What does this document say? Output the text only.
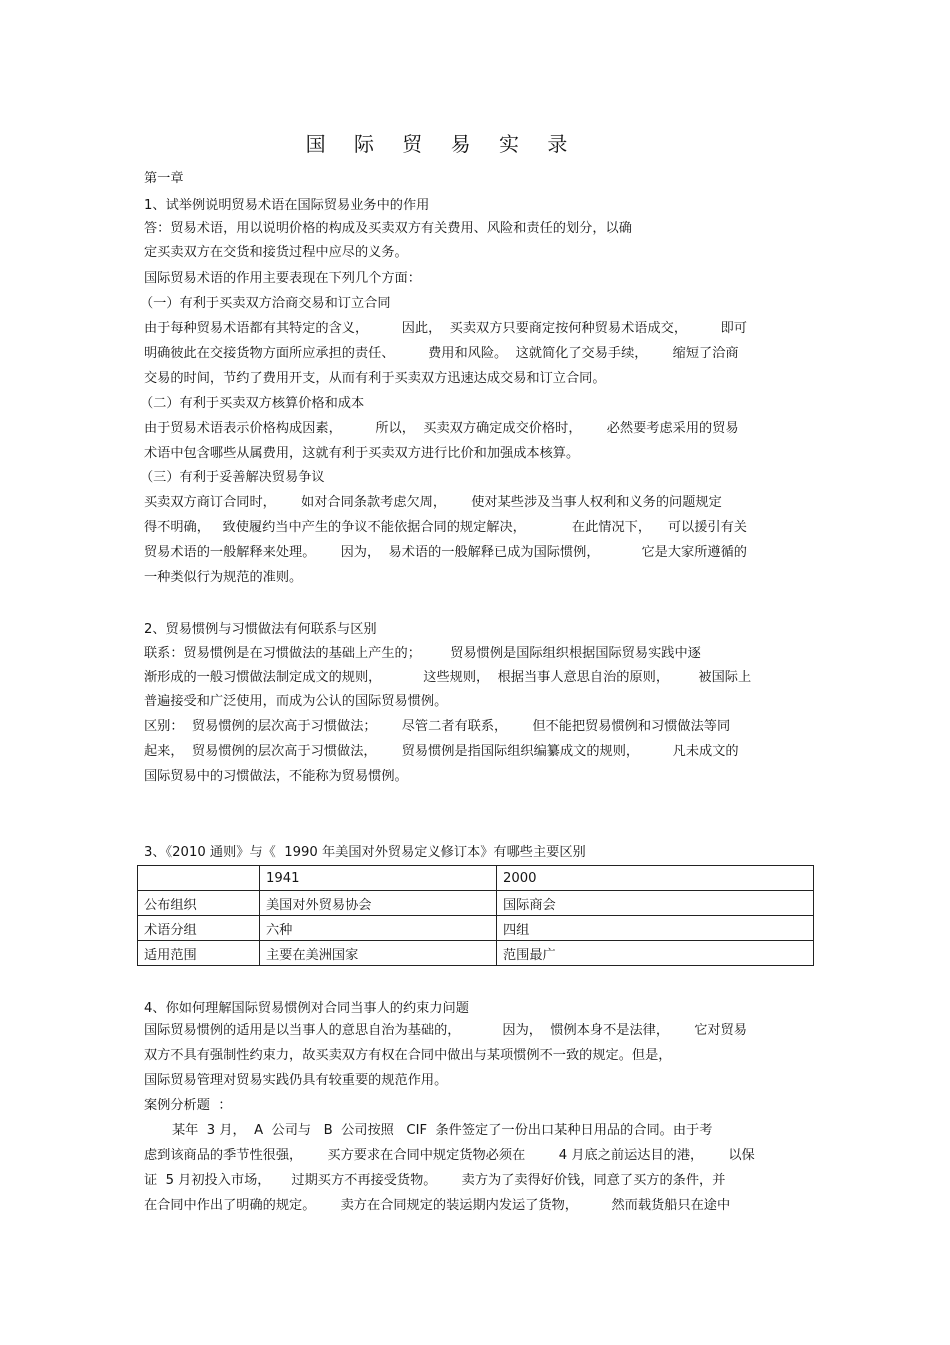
国 际 贸 易 实 录
第一章
1、试举例说明贸易术语在国际贸易业务中的作用
答：贸易术语，用以说明价格的构成及买卖双方有关费用、风险和责任的划分，以确
定买卖双方在交货和接货过程中应尽的义务。
国际贸易术语的作用主要表现在下列几个方面：
（一）有利于买卖双方洽商交易和订立合同
由于每种贸易术语都有其特定的含义，        因此，  买卖双方只要商定按何种贸易术语成交，        即可
明确彼此在交接货物方面所应承担的责任、        费用和风险。  这就简化了交易手续，      缩短了洽商
交易的时间，节约了费用开支，从而有利于买卖双方迅速达成交易和订立合同。
（二）有利于买卖双方核算价格和成本
由于贸易术语表示价格构成因素，        所以，  买卖双方确定成交价格时，      必然要考虑采用的贸易
术语中包含哪些从属费用，这就有利于买卖双方进行比价和加强成本核算。
（三）有利于妥善解决贸易争议
买卖双方商订合同时，      如对合同条款考虑欠周，      使对某些涉及当事人权利和义务的问题规定
得不明确，   致使履约当中产生的争议不能依据合同的规定解决，           在此情况下，    可以援引有关
贸易术语的一般解释来处理。      因为，  易术语的一般解释已成为国际惯例，          它是大家所遵循的
一种类似行为规范的准则。
2、贸易惯例与习惯做法有何联系与区别
联系：贸易惯例是在习惯做法的基础上产生的；       贸易惯例是国际组织根据国际贸易实践中逐
渐形成的一般习惯做法制定成文的规则，          这些规则，  根据当事人意思自治的原则，       被国际上
普遍接受和广泛使用，而成为公认的国际贸易惯例。
区别：  贸易惯例的层次高于习惯做法；      尽管二者有联系，      但不能把贸易惯例和习惯做法等同
起来，  贸易惯例的层次高于习惯做法，      贸易惯例是指国际组织编纂成文的规则，        凡未成文的
国际贸易中的习惯做法，不能称为贸易惯例。
3、《2010 通则》与《  1990 年美国对外贸易定义修订本》有哪些主要区别
	1941	2000
公布组织	美国对外贸易协会	国际商会
术语分组	六种	四组
适用范围	主要在美洲国家	范围最广
4、你如何理解国际贸易惯例对合同当事人的约束力问题
国际贸易惯例的适用是以当事人的意思自治为基础的，          因为，  惯例本身不是法律，      它对贸易
双方不具有强制性约束力，故买卖双方有权在合同中做出与某项惯例不一致的规定。但是，
国际贸易管理对贸易实践仍具有较重要的规范作用。
案例分析题  ：
某年  3 月，  A  公司与   B  公司按照   CIF  条件签定了一份出口某种日用品的合同。由于考
虑到该商品的季节性很强，      买方要求在合同中规定货物必须在        4 月底之前运达目的港，      以保
证  5 月初投入市场，     过期买方不再接受货物。      卖方为了卖得好价钱，同意了买方的条件，并
在合同中作出了明确的规定。      卖方在合同规定的装运期内发运了货物，        然而载货船只在途中
